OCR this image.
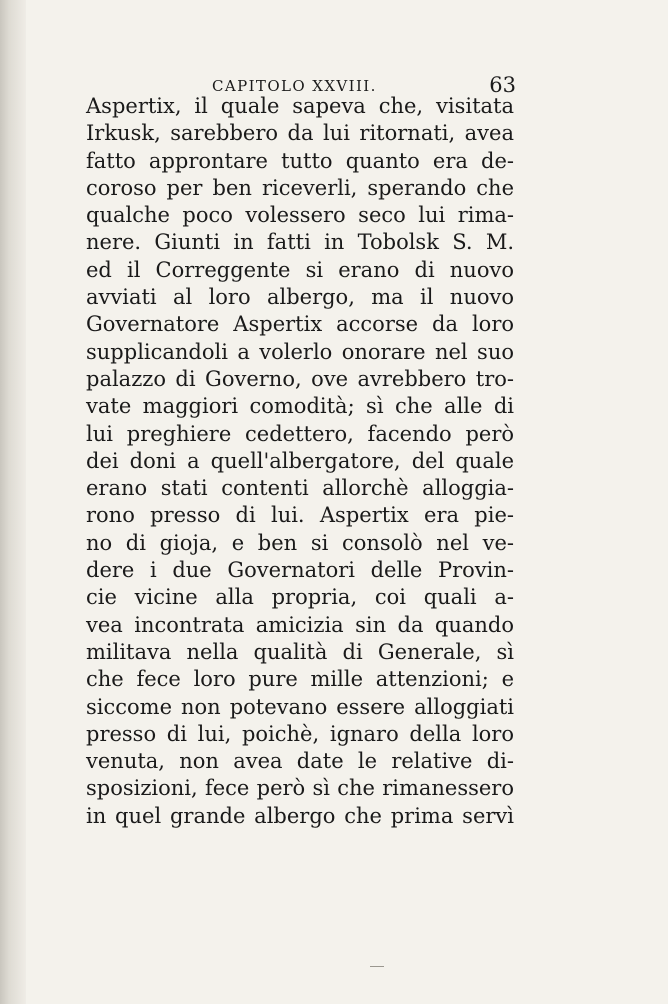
CAPITOLO XXVIII.	63
Aspertix, il quale sapeva che, visitata
Irkusk, sarebbero da lui ritornati, avea
fatto approntare tutto quanto era de-
coroso per ben riceverli, sperando che
qualche poco volessero seco lui rima-
nere. Giunti in fatti in Tobolsk S. M.
ed il Correggente si erano di nuovo
avviati al loro albergo, ma il nuovo
Governatore Aspertix accorse da loro
supplicandoli a volerlo onorare nel suo
palazzo di Governo, ove avrebbero tro-
vate maggiori comodità; sì che alle di
lui preghiere cedettero, facendo però
dei doni a quell'albergatore, del quale
erano stati contenti allorchè alloggia-
rono presso di lui. Aspertix era pie-
no di gioja, e ben si consolò nel ve-
dere i due Governatori delle Provin-
cie vicine alla propria, coi quali a-
vea incontrata amicizia sin da quando
militava nella qualità di Generale, sì
che fece loro pure mille attenzioni; e
siccome non potevano essere alloggiati
presso di lui, poichè, ignaro della loro
venuta, non avea date le relative di-
sposizioni, fece però sì che rimanessero
in quel grande albergo che prima servì
